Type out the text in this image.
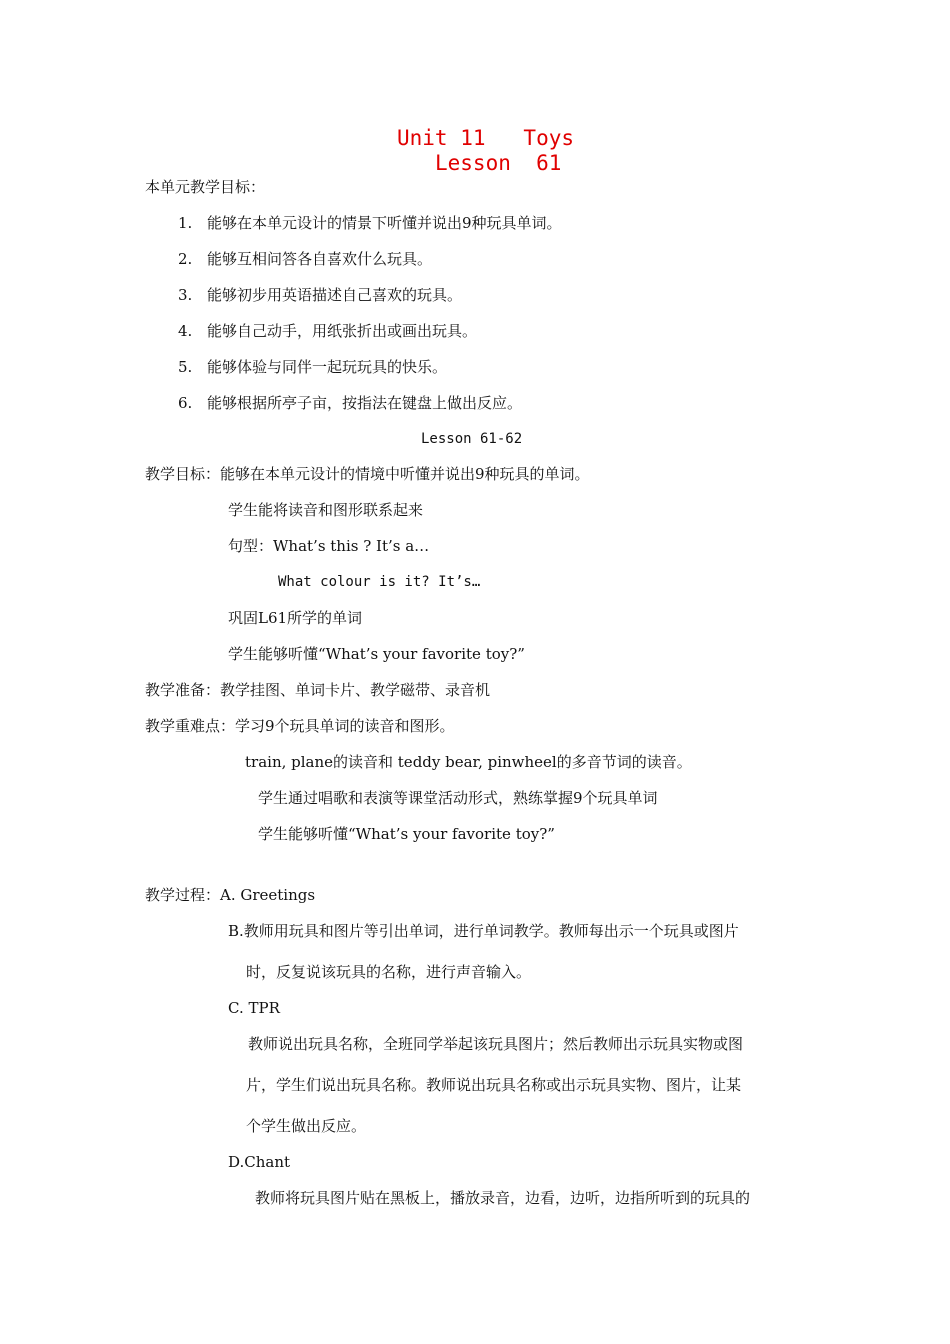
Unit 11   Toys
Lesson  61
本单元教学目标：
1. 能够在本单元设计的情景下听懂并说出9种玩具单词。
2. 能够互相问答各自喜欢什么玩具。
3. 能够初步用英语描述自己喜欢的玩具。
4. 能够自己动手，用纸张折出或画出玩具。
5. 能够体验与同伴一起玩玩具的快乐。
6. 能够根据所亭子亩，按指法在键盘上做出反应。
Lesson 61-62
教学目标：能够在本单元设计的情境中听懂并说出9种玩具的单词。
学生能将读音和图形联系起来
句型：What’s this ? It’s a…
What colour is it? It’s…
巩固L61所学的单词
学生能够听懂“What’s your favorite toy?”
教学准备：教学挂图、单词卡片、教学磁带、录音机
教学重难点：学习9个玩具单词的读音和图形。
train, plane的读音和 teddy bear, pinwheel的多音节词的读音。
学生通过唱歌和表演等课堂活动形式，熟练掌握9个玩具单词
学生能够听懂“What’s your favorite toy?”
教学过程：A. Greetings
B.教师用玩具和图片等引出单词，进行单词教学。教师每出示一个玩具或图片
时，反复说该玩具的名称，进行声音输入。
C. TPR
教师说出玩具名称，全班同学举起该玩具图片；然后教师出示玩具实物或图
片，学生们说出玩具名称。教师说出玩具名称或出示玩具实物、图片，让某
个学生做出反应。
D.Chant
教师将玩具图片贴在黑板上，播放录音，边看，边听，边指所听到的玩具的
